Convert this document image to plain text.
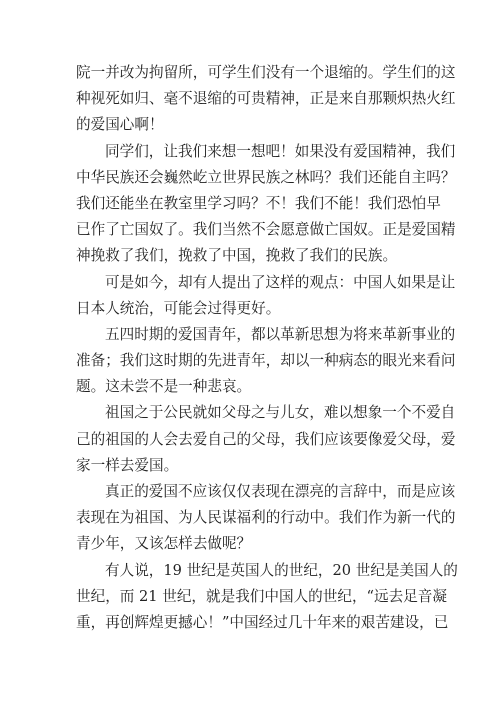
院一并改为拘留所，可学生们没有一个退缩的。学生们的这
种视死如归、毫不退缩的可贵精神，正是来自那颗炽热火红
的爱国心啊！

同学们，让我们来想一想吧！如果没有爱国精神，我们
中华民族还会巍然屹立世界民族之林吗？我们还能自主吗？
我们还能坐在教室里学习吗？不！我们不能！我们恐怕早
已作了亡国奴了。我们当然不会愿意做亡国奴。正是爱国精
神挽救了我们，挽救了中国，挽救了我们的民族。

可是如今，却有人提出了这样的观点：中国人如果是让
日本人统治，可能会过得更好。

五四时期的爱国青年，都以革新思想为将来革新事业的
准备；我们这时期的先进青年，却以一种病态的眼光来看问
题。这未尝不是一种悲哀。

祖国之于公民就如父母之与儿女，难以想象一个不爱自
己的祖国的人会去爱自己的父母，我们应该要像爱父母，爱
家一样去爱国。

真正的爱国不应该仅仅表现在漂亮的言辞中，而是应该
表现在为祖国、为人民谋福利的行动中。我们作为新一代的
青少年，又该怎样去做呢？

有人说，19 世纪是英国人的世纪，20 世纪是美国人的
世纪，而 21 世纪，就是我们中国人的世纪，“远去足音凝
重，再创辉煌更撼心！”中国经过几十年来的艰苦建设，已
